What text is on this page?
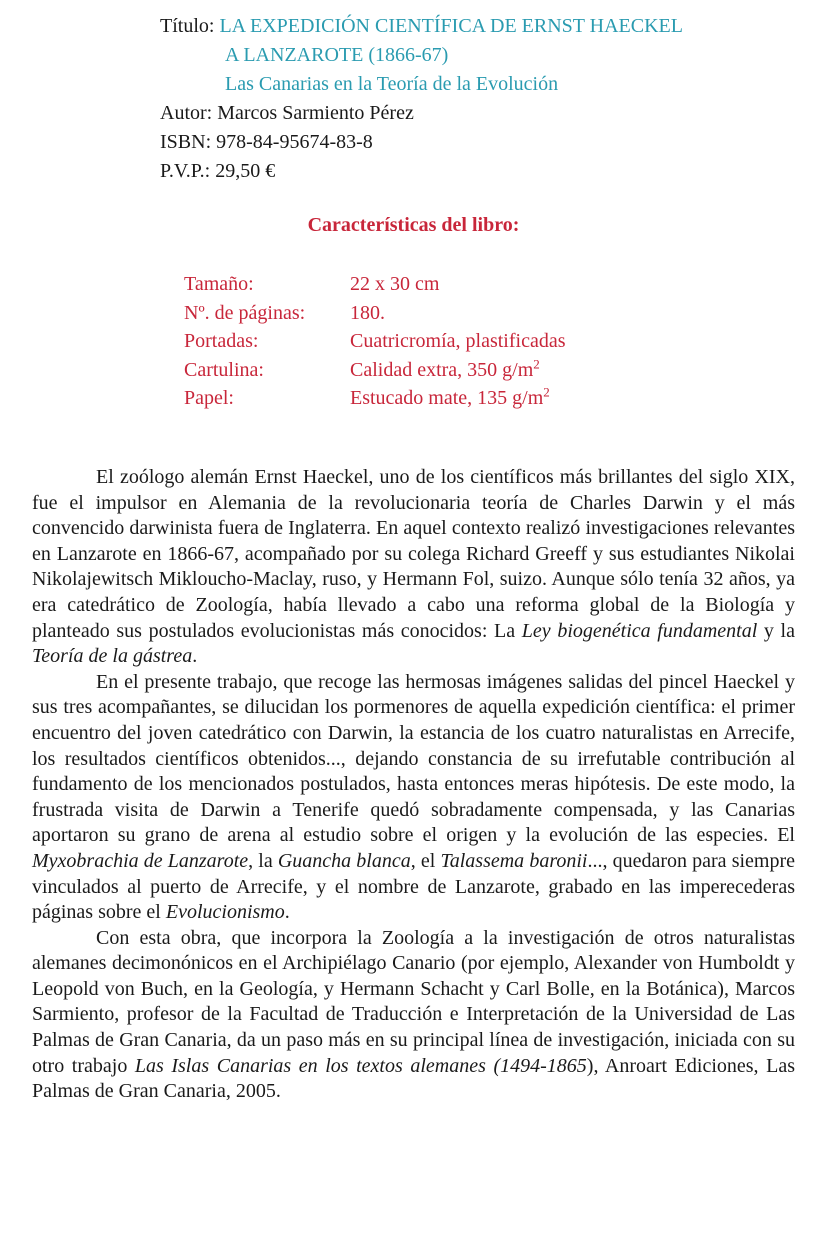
Título: LA EXPEDICIÓN CIENTÍFICA DE ERNST HAECKEL
A LANZAROTE (1866-67)
Las Canarias en la Teoría de la Evolución
Autor: Marcos Sarmiento Pérez
ISBN: 978-84-95674-83-8
P.V.P.: 29,50 €
Características del libro:
Tamaño:	22 x 30 cm
Nº. de páginas:	180.
Portadas:	Cuatricromía, plastificadas
Cartulina:	Calidad extra, 350 $g/m^2$
Papel:	Estucado mate, 135 $g/m^2$

El zoólogo alemán Ernst Haeckel, uno de los científicos más brillantes del siglo XIX, fue el impulsor en Alemania de la revolucionaria teoría de Charles Darwin y el más convencido darwinista fuera de Inglaterra. En aquel contexto realizó investigaciones relevantes en Lanzarote en 1866-67, acompañado por su colega Richard Greeff y sus estudiantes Nikolai Nikolajewitsch Mikloucho-Maclay, ruso, y Hermann Fol, suizo. Aunque sólo tenía 32 años, ya era catedrático de Zoología, había llevado a cabo una reforma global de la Biología y planteado sus postulados evolucionistas más conocidos: La Ley biogenética fundamental y la Teoría de la gástrea.

En el presente trabajo, que recoge las hermosas imágenes salidas del pincel Haeckel y sus tres acompañantes, se dilucidan los pormenores de aquella expedición científica: el primer encuentro del joven catedrático con Darwin, la estancia de los cuatro naturalistas en Arrecife, los resultados científicos obtenidos..., dejando constancia de su irrefutable contribución al fundamento de los mencionados postulados, hasta entonces meras hipótesis. De este modo, la frustrada visita de Darwin a Tenerife quedó sobradamente compensada, y las Canarias aportaron su grano de arena al estudio sobre el origen y la evolución de las especies. El Myxobrachia de Lanzarote, la Guancha blanca, el Talassema baronii..., quedaron para siempre vinculados al puerto de Arrecife, y el nombre de Lanzarote, grabado en las imperecederas páginas sobre el Evolucionismo.

Con esta obra, que incorpora la Zoología a la investigación de otros naturalistas alemanes decimonónicos en el Archipiélago Canario (por ejemplo, Alexander von Humboldt y Leopold von Buch, en la Geología, y Hermann Schacht y Carl Bolle, en la Botánica), Marcos Sarmiento, profesor de la Facultad de Traducción e Interpretación de la Universidad de Las Palmas de Gran Canaria, da un paso más en su principal línea de investigación, iniciada con su otro trabajo Las Islas Canarias en los textos alemanes (1494-1865), Anroart Ediciones, Las Palmas de Gran Canaria, 2005.
